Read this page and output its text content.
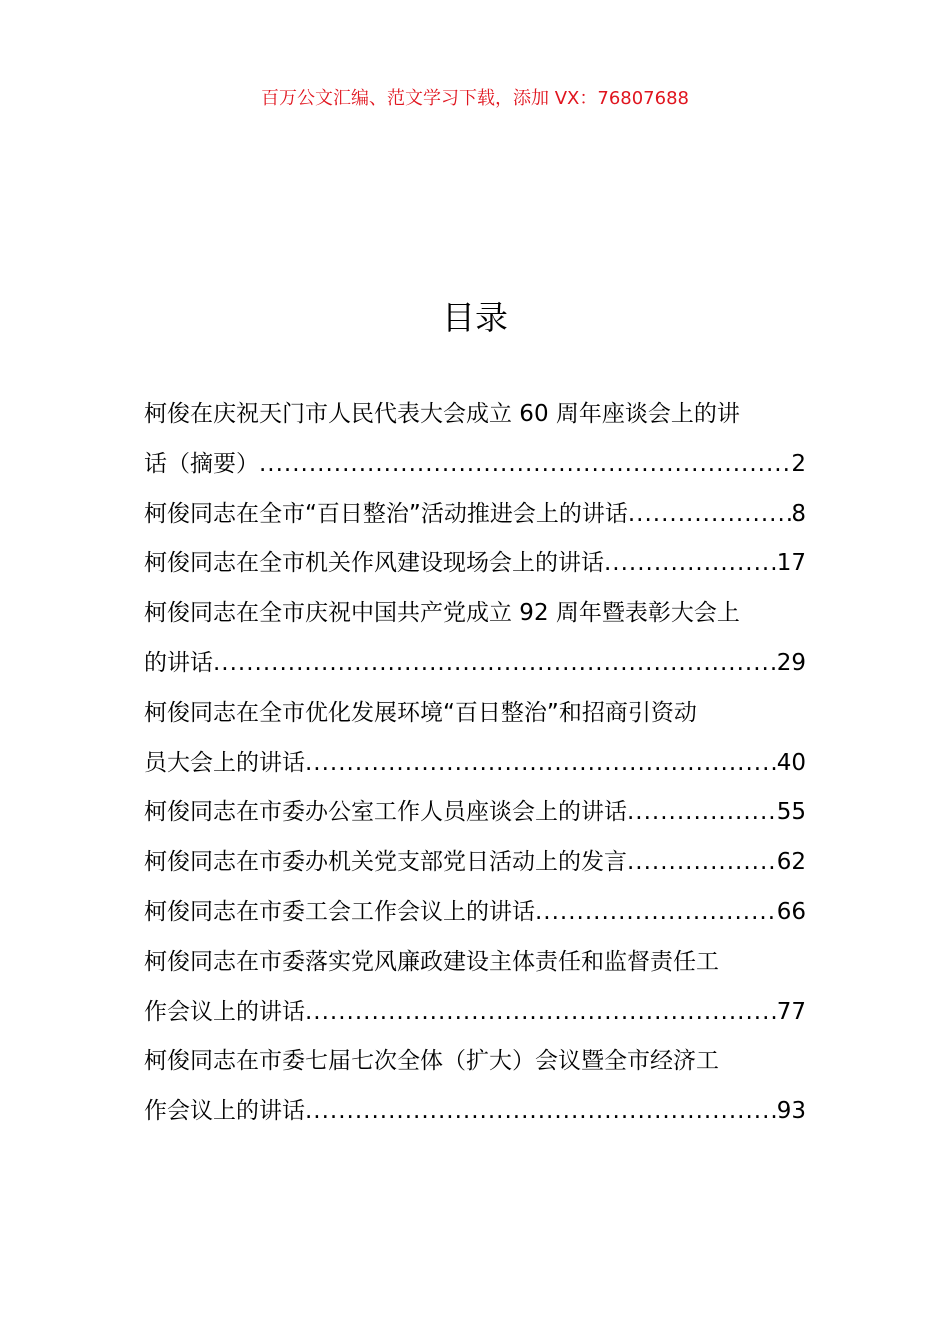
百万公文汇编、范文学习下载，添加 VX：76807688
目录
柯俊在庆祝天门市人民代表大会成立 60 周年座谈会上的讲
话（摘要） .....	2
柯俊同志在全市“百日整治”活动推进会上的讲话 .....	8
柯俊同志在全市机关作风建设现场会上的讲话 .....	17
柯俊同志在全市庆祝中国共产党成立 92 周年暨表彰大会上
的讲话 .....	29
柯俊同志在全市优化发展环境“百日整治”和招商引资动
员大会上的讲话 .....	40
柯俊同志在市委办公室工作人员座谈会上的讲话 .....	55
柯俊同志在市委办机关党支部党日活动上的发言 .....	62
柯俊同志在市委工会工作会议上的讲话 .....	66
柯俊同志在市委落实党风廉政建设主体责任和监督责任工
作会议上的讲话 .....	77
柯俊同志在市委七届七次全体（扩大）会议暨全市经济工
作会议上的讲话 .....	93
